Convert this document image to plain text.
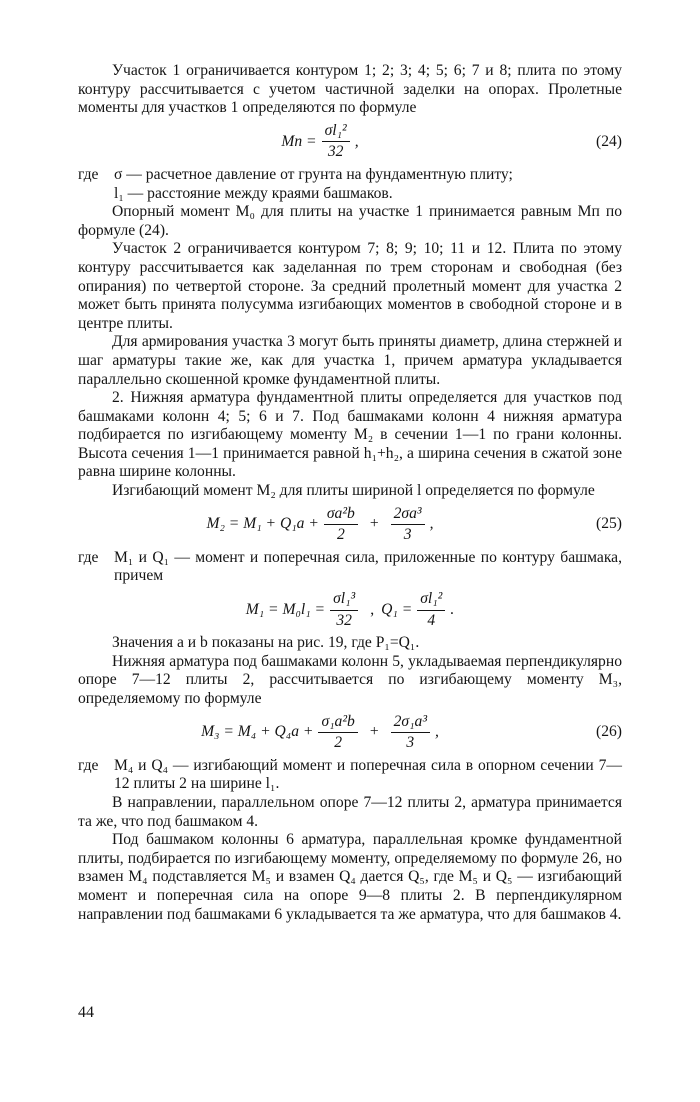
Участок 1 ограничивается контуром 1; 2; 3; 4; 5; 6; 7 и 8; плита по этому контуру рассчитывается с учетом частичной заделки на опорах. Пролетные моменты для участков 1 определяются по формуле

Mп = $\frac{\text{σl₁²}}{32}$ ,	(24)
где σ — расчетное давление от грунта на фундаментную плиту;

l₁ — расстояние между краями башмаков.

Опорный момент M₀ для плиты на участке 1 принимается равным Mп по формуле (24).

Участок 2 ограничивается контуром 7; 8; 9; 10; 11 и 12. Плита по этому контуру рассчитывается как заделанная по трем сторонам и свободная (без опирания) по четвертой стороне. За средний пролетный момент для участка 2 может быть принята полусумма изгибающих моментов в свободной стороне и в центре плиты.

Для армирования участка 3 могут быть приняты диаметр, длина стержней и шаг арматуры такие же, как для участка 1, причем арматура укладывается параллельно скошенной кромке фундаментной плиты.

2. Нижняя арматура фундаментной плиты определяется для участков под башмаками колонн 4; 5; 6 и 7. Под башмаками колонн 4 нижняя арматура подбирается по изгибающему моменту M₂ в сечении 1—1 по грани колонны. Высота сечения 1—1 принимается равной h₁+h₂, а ширина сечения в сжатой зоне равна ширине колонны.

Изгибающий момент M₂ для плиты шириной l определяется по формуле

$M_2 = M_1 + Q_1a + \frac{\text{σa²b}}{2} + \frac{\text{2σa³}}{3}$ ,	(25)
где M₁ и Q₁ — момент и поперечная сила, приложенные по контуру башмака, причем

$M_1 = M_0l_1 = \frac{\text{σl₁³}}{32}$ , $Q_1 = \frac{\text{σl₁²}}{4}$ .

Значения a и b показаны на рис. 19, где P₁=Q₁.

Нижняя арматура под башмаками колонн 5, укладываемая перпендикулярно опоре 7—12 плиты 2, рассчитывается по изгибающему моменту M₃, определяемому по формуле

$M_3 = M_4 + Q_4a + \frac{\text{σ₁a²b}}{2} + \frac{\text{2σ₁a³}}{3}$ ,	(26)
где M₄ и Q₄ — изгибающий момент и поперечная сила в опорном сечении 7—12 плиты 2 на ширине l₁.

В направлении, параллельном опоре 7—12 плиты 2, арматура принимается та же, что под башмаком 4.

Под башмаком колонны 6 арматура, параллельная кромке фундаментной плиты, подбирается по изгибающему моменту, определяемому по формуле 26, но взамен M₄ подставляется M₅ и взамен Q₄ дается Q₅, где M₅ и Q₅ — изгибающий момент и поперечная сила на опоре 9—8 плиты 2. В перпендикулярном направлении под башмаками 6 укладывается та же арматура, что для башмаков 4.

44
